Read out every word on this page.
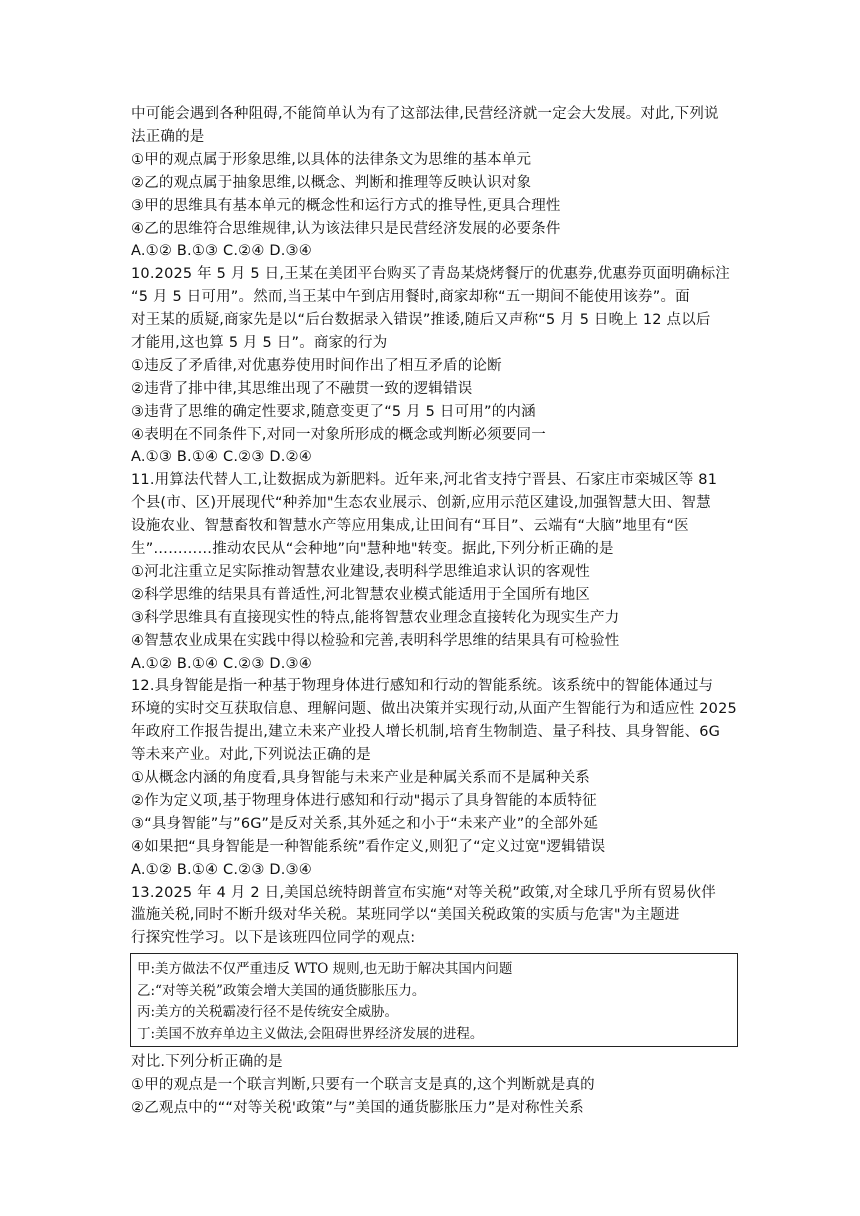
中可能会遇到各种阻碍,不能简单认为有了这部法律,民营经济就一定会大发展。对此,下列说
法正确的是
①甲的观点属于形象思维,以具体的法律条文为思维的基本单元
②乙的观点属于抽象思维,以概念、判断和推理等反映认识对象
③甲的思维具有基本单元的概念性和运行方式的推导性,更具合理性
④乙的思维符合思维规律,认为该法律只是民营经济发展的必要条件
A.①② B.①③ C.②④ D.③④
10.2025 年 5 月 5 日,王某在美团平台购买了青岛某烧烤餐厅的优惠券,优惠券页面明确标注
“5 月 5 日可用”。然而,当王某中午到店用餐时,商家却称“五一期间不能使用该券”。面
对王某的质疑,商家先是以“后台数据录入错误”推诿,随后又声称“5 月 5 日晚上 12 点以后
才能用,这也算 5 月 5 日”。商家的行为
①违反了矛盾律,对优惠券使用时间作出了相互矛盾的论断
②违背了排中律,其思维出现了不融贯一致的逻辑错误
③违背了思维的确定性要求,随意变更了“5 月 5 日可用”的内涵
④表明在不同条件下,对同一对象所形成的概念或判断必须要同一
A.①③ B.①④ C.②③ D.②④
11.用算法代替人工,让数据成为新肥料。近年来,河北省支持宁晋县、石家庄市栾城区等 81
个县(市、区)开展现代“种养加"生态农业展示、创新,应用示范区建设,加强智慧大田、智慧
设施农业、智慧畜牧和智慧水产等应用集成,让田间有“耳目”、云端有“大脑”地里有“医
生”…………推动农民从“会种地”向"慧种地"转变。据此,下列分析正确的是
①河北注重立足实际推动智慧农业建设,表明科学思维追求认识的客观性
②科学思维的结果具有普适性,河北智慧农业模式能适用于全国所有地区
③科学思维具有直接现实性的特点,能将智慧农业理念直接转化为现实生产力
④智慧农业成果在实践中得以检验和完善,表明科学思维的结果具有可检验性
A.①② B.①④ C.②③ D.③④
12.具身智能是指一种基于物理身体进行感知和行动的智能系统。该系统中的智能体通过与
环境的实时交互获取信息、理解问题、做出决策并实现行动,从面产生智能行为和适应性 2025
年政府工作报告提出,建立未来产业投人增长机制,培育生物制造、量子科技、具身智能、6G
等未来产业。对此,下列说法正确的是
①从概念内涵的角度看,具身智能与未来产业是种属关系而不是属种关系
②作为定义项,基于物理身体进行感知和行动"揭示了具身智能的本质特征
③“具身智能”与”6G”是反对关系,其外延之和小于“未来产业”的全部外延
④如果把“具身智能是一种智能系统”看作定义,则犯了“定义过宽"逻辑错误
A.①② B.①④ C.②③ D.③④
13.2025 年 4 月 2 日,美国总统特朗普宣布实施“对等关税”政策,对全球几乎所有贸易伙伴
滥施关税,同时不断升级对华关税。某班同学以“美国关税政策的实质与危害"为主题进
行探究性学习。以下是该班四位同学的观点:
甲:美方做法不仅严重违反 WTO 规则,也无助于解决其国内问题
乙:“对等关税”政策会增大美国的通货膨胀压力。
丙:美方的关税霸凌行径不是传统安全威胁。
丁:美国不放弃单边主义做法,会阻碍世界经济发展的进程。
对比.下列分析正确的是
①甲的观点是一个联言判断,只要有一个联言支是真的,这个判断就是真的
②乙观点中的““对等关税'政策”与”美国的通货膨胀压力”是对称性关系
